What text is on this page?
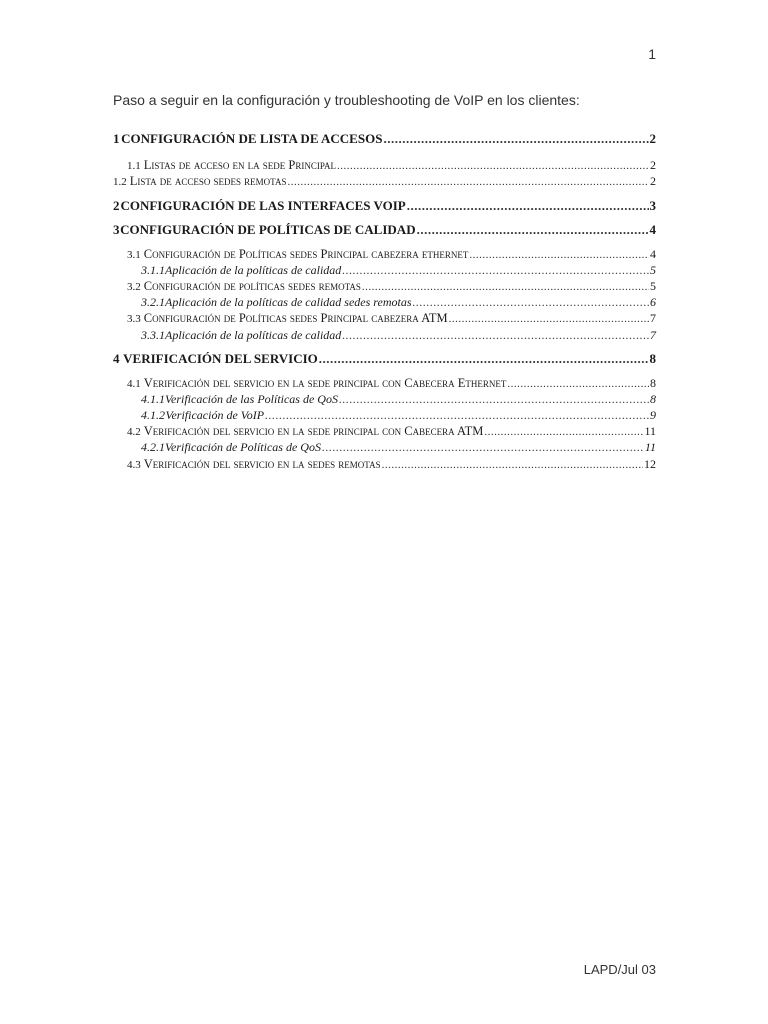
1
Paso a seguir en la configuración y troubleshooting de VoIP en los clientes:
1 CONFIGURACIÓN DE LISTA DE ACCESOS .....	2
1.1 Listas de acceso en la sede Principal .....	2
1.2 Lista de acceso sedes remotas .....	2
2 CONFIGURACIÓN DE LAS INTERFACES VOIP .....	3
3 CONFIGURACIÓN DE POLÍTICAS DE CALIDAD .....	4
3.1 Configuración de Políticas sedes Principal cabezera ethernet .....	4
3.1.1 Aplicación de la políticas de calidad .....	5
3.2 Configuración de políticas sedes remotas .....	5
3.2.1 Aplicación de la políticas de calidad sedes remotas .....	6
3.3 Configuración de Políticas sedes Principal cabezera ATM .....	7
3.3.1 Aplicación de la políticas de calidad .....	7
4 VERIFICACIÓN DEL SERVICIO .....	8
4.1 Verificación del servicio en la sede principal con Cabecera Ethernet .....	8
4.1.1 Verificación de las Políticas de QoS .....	8
4.1.2 Verificación de VoIP .....	9
4.2 Verificación del servicio en la sede principal con Cabecera ATM .....	11
4.2.1 Verificación de Políticas de QoS .....	11
4.3 Verificación del servicio en la sedes remotas .....	12
LAPD/Jul 03
